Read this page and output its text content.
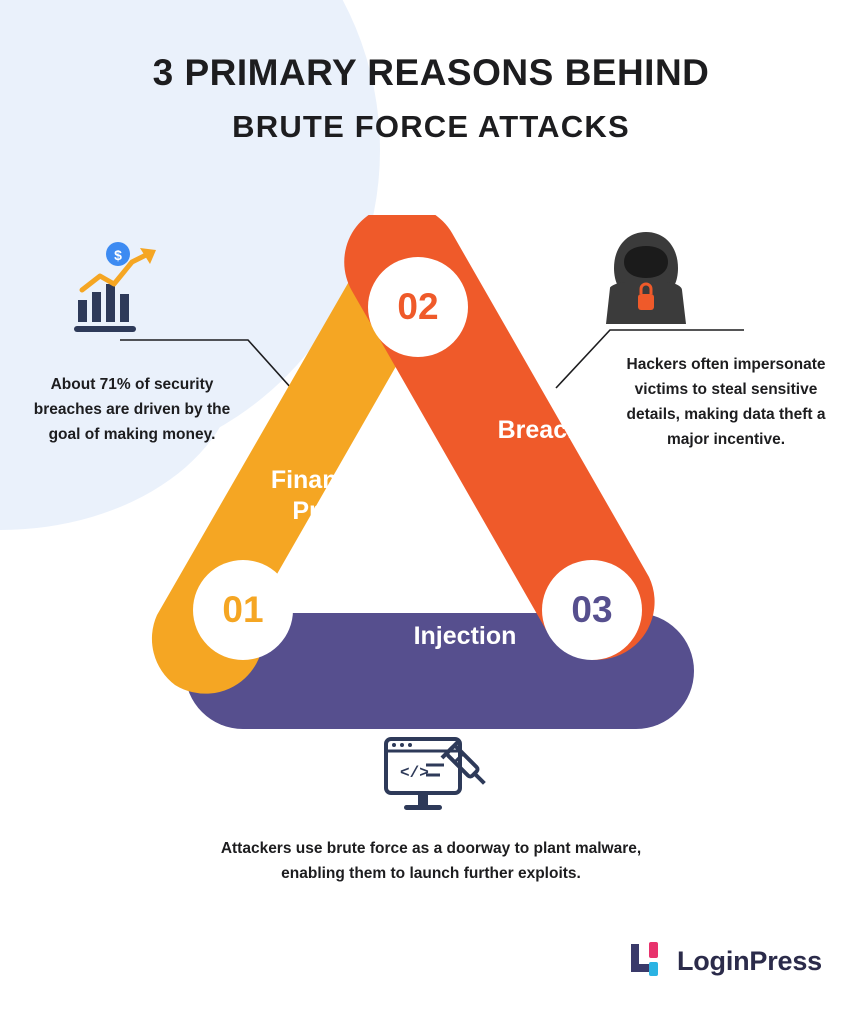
3 PRIMARY REASONS BEHIND
BRUTE FORCE ATTACKS
01
02
03
Financial
Profit
Breach
Malware
Injection
$
</>
About 71% of security breaches are driven by the goal of making money.
Hackers often impersonate victims to steal sensitive details, making data theft a major incentive.
Attackers use brute force as a doorway to plant malware, enabling them to launch further exploits.
LoginPress
